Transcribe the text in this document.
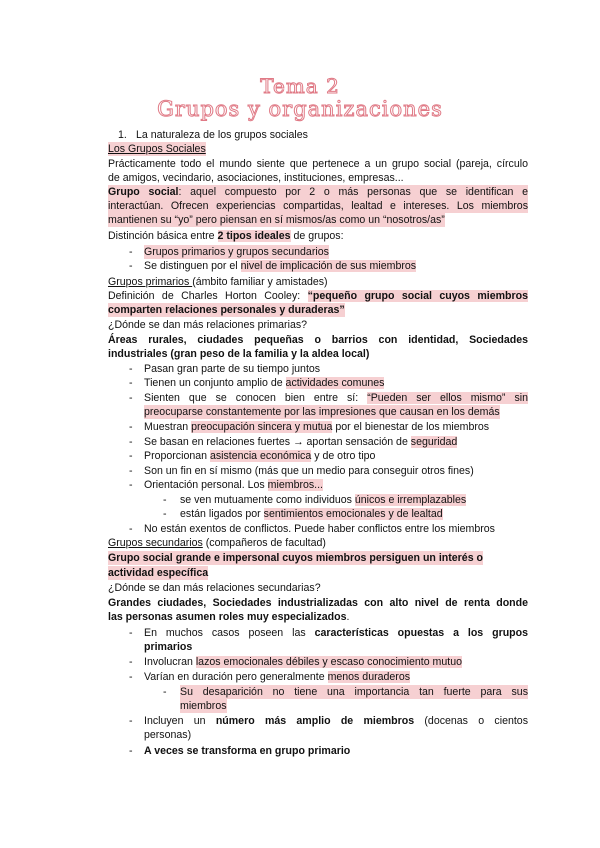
Tema 2
Grupos y organizaciones
1. La naturaleza de los grupos sociales
Los Grupos Sociales
Prácticamente todo el mundo siente que pertenece a un grupo social (pareja, círculo
de amigos, vecindario, asociaciones, instituciones, empresas...
Grupo social: aquel compuesto por 2 o más personas que se identifican e
interactúan. Ofrecen experiencias compartidas, lealtad e intereses. Los miembros
mantienen su “yo” pero piensan en sí mismos/as como un “nosotros/as”
Distinción básica entre 2 tipos ideales de grupos:
- Grupos primarios y grupos secundarios
- Se distinguen por el nivel de implicación de sus miembros
Grupos primarios (ámbito familiar y amistades)
Definición de Charles Horton Cooley: “pequeño grupo social cuyos miembros
comparten relaciones personales y duraderas”
¿Dónde se dan más relaciones primarias?
Áreas rurales, ciudades pequeñas o barrios con identidad, Sociedades
industriales (gran peso de la familia y la aldea local)
- Pasan gran parte de su tiempo juntos
- Tienen un conjunto amplio de actividades comunes
- Sienten que se conocen bien entre sí: “Pueden ser ellos mismo” sin
preocuparse constantemente por las impresiones que causan en los demás
- Muestran preocupación sincera y mutua por el bienestar de los miembros
- Se basan en relaciones fuertes → aportan sensación de seguridad
- Proporcionan asistencia económica y de otro tipo
- Son un fin en sí mismo (más que un medio para conseguir otros fines)
- Orientación personal. Los miembros...
- se ven mutuamente como individuos únicos e irremplazables
- están ligados por sentimientos emocionales y de lealtad
- No están exentos de conflictos. Puede haber conflictos entre los miembros
Grupos secundarios (compañeros de facultad)
Grupo social grande e impersonal cuyos miembros persiguen un interés o
actividad específica
¿Dónde se dan más relaciones secundarias?
Grandes ciudades, Sociedades industrializadas con alto nivel de renta donde
las personas asumen roles muy especializados.
- En muchos casos poseen las características opuestas a los grupos
primarios
- Involucran lazos emocionales débiles y escaso conocimiento mutuo
- Varían en duración pero generalmente menos duraderos
- Su desaparición no tiene una importancia tan fuerte para sus
miembros
- Incluyen un número más amplio de miembros (docenas o cientos
personas)
- A veces se transforma en grupo primario
